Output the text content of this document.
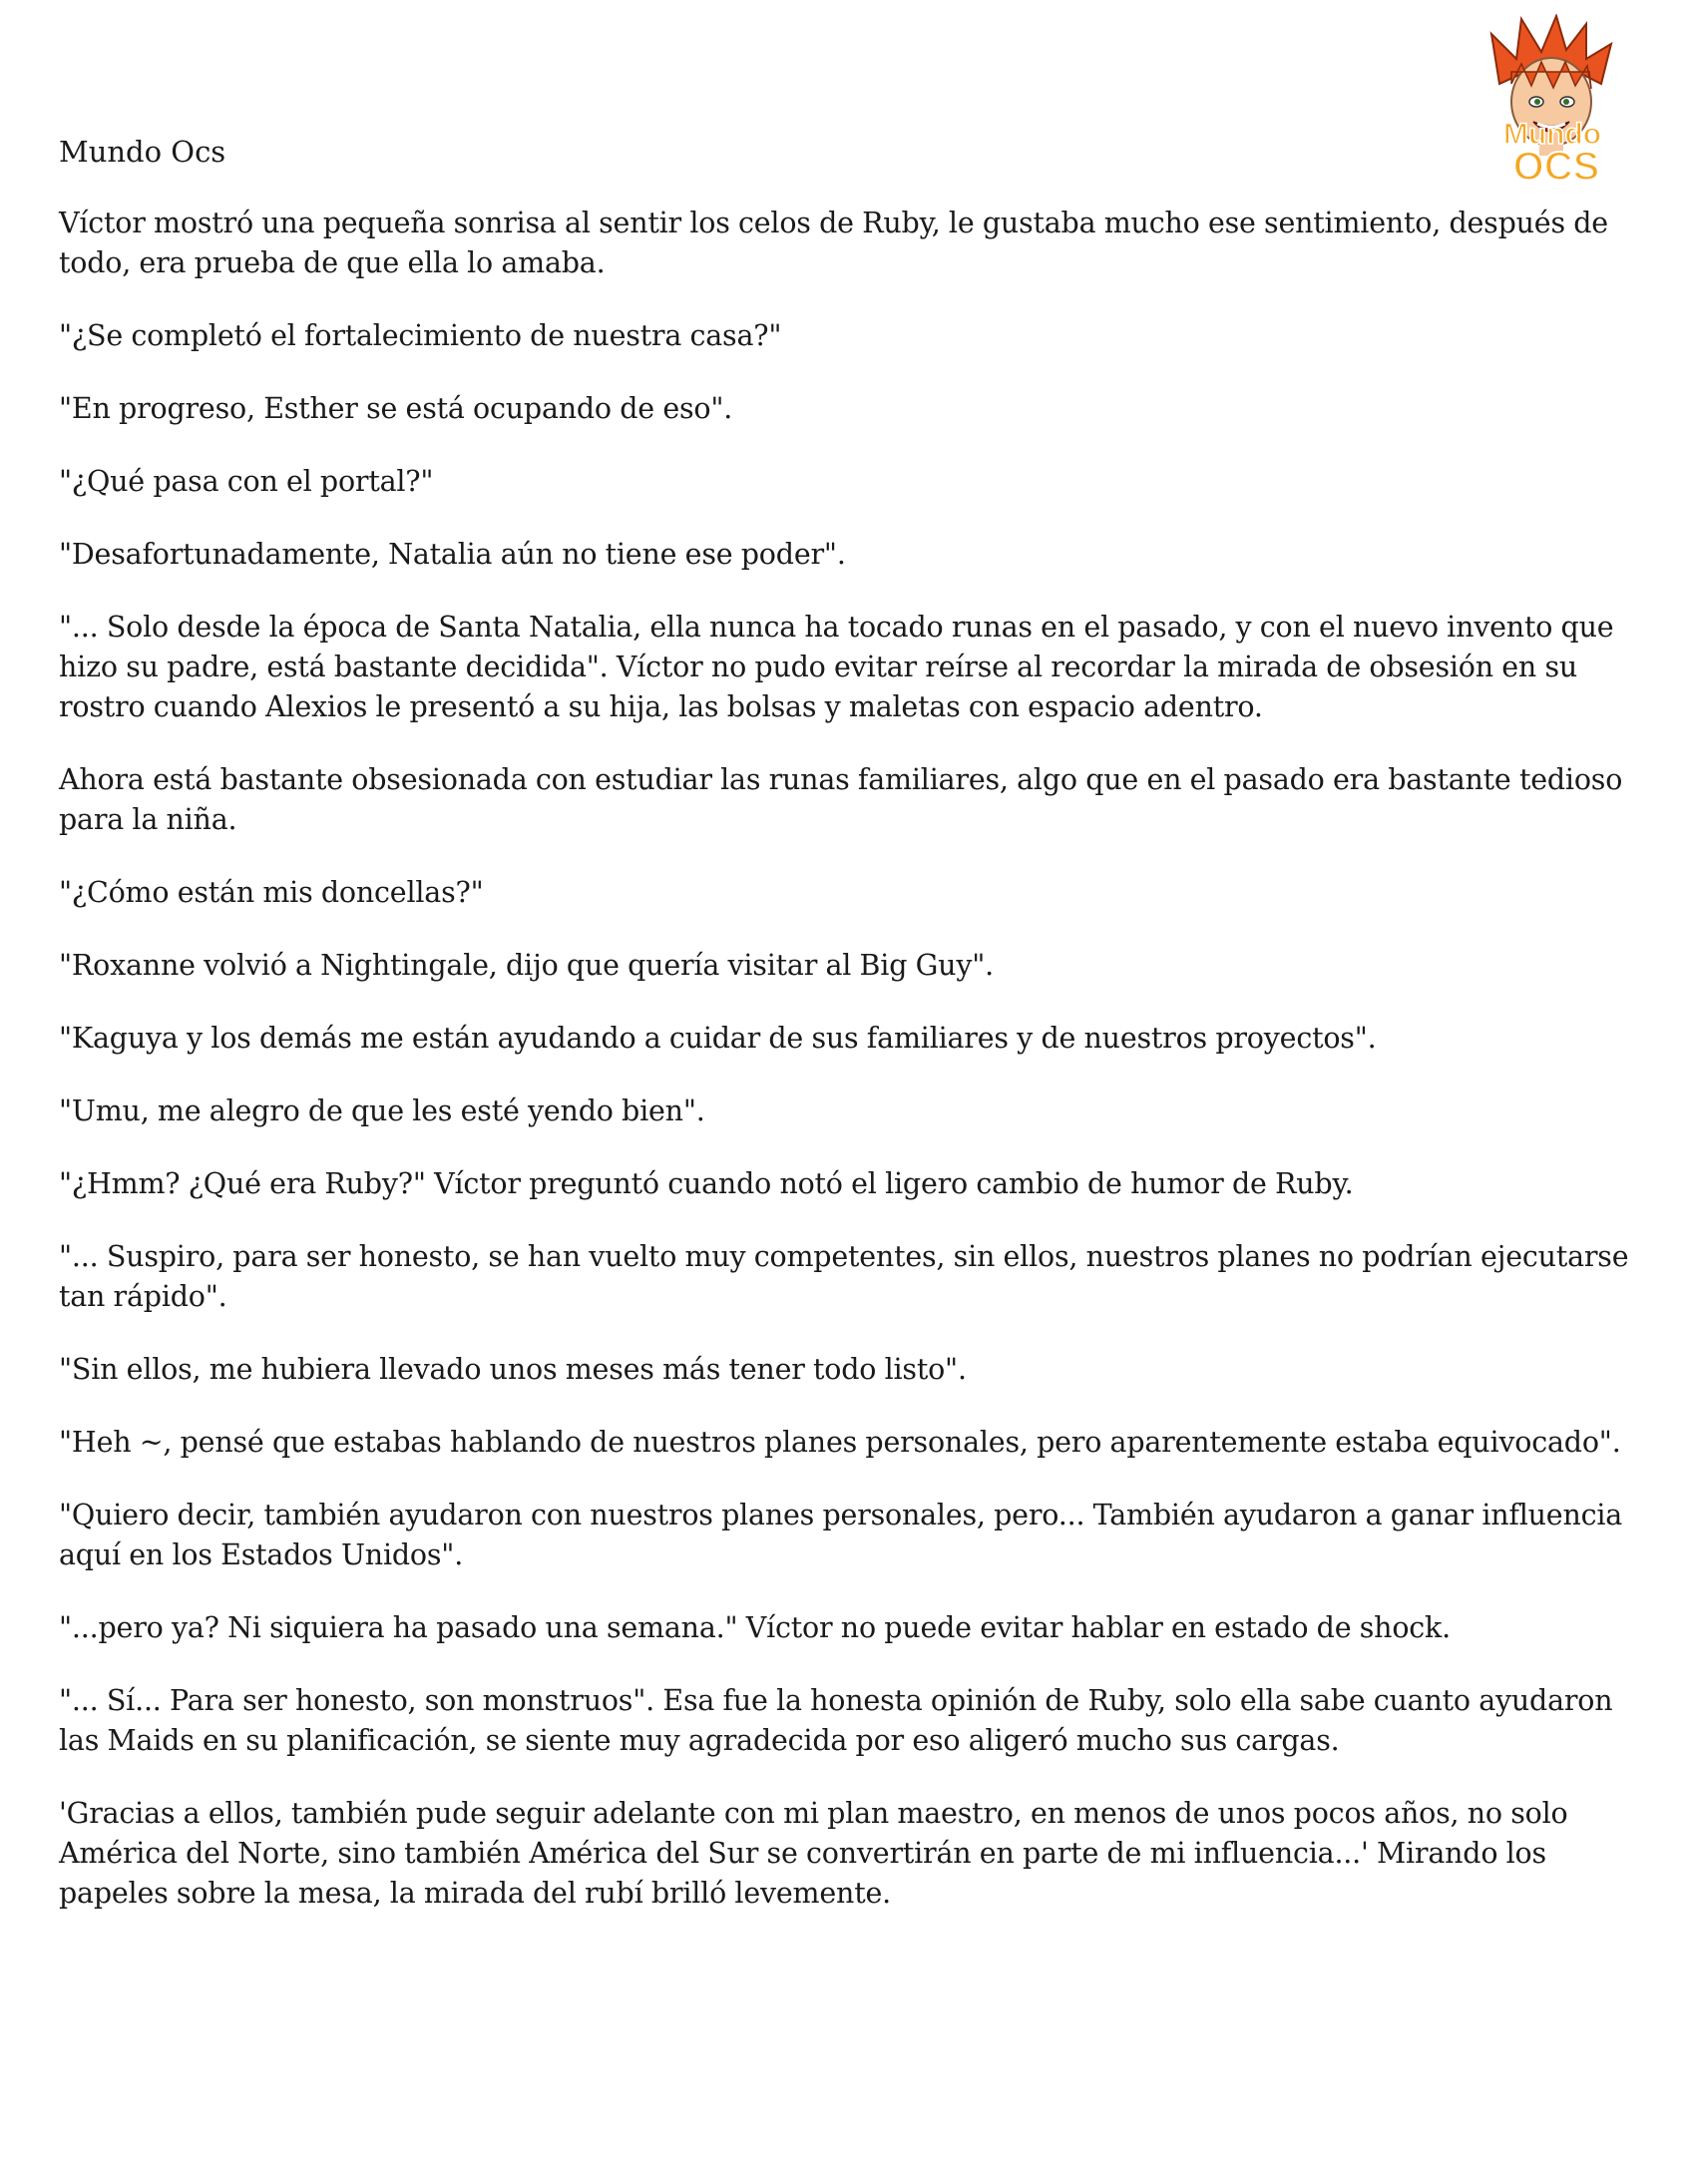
Mundo
OCS
Mundo Ocs

Víctor mostró una pequeña sonrisa al sentir los celos de Ruby, le gustaba mucho ese sentimiento, después de todo, era prueba de que ella lo amaba.

"¿Se completó el fortalecimiento de nuestra casa?"

"En progreso, Esther se está ocupando de eso".

"¿Qué pasa con el portal?"

"Desafortunadamente, Natalia aún no tiene ese poder".

"... Solo desde la época de Santa Natalia, ella nunca ha tocado runas en el pasado, y con el nuevo invento que hizo su padre, está bastante decidida". Víctor no pudo evitar reírse al recordar la mirada de obsesión en su rostro cuando Alexios le presentó a su hija, las bolsas y maletas con espacio adentro.

Ahora está bastante obsesionada con estudiar las runas familiares, algo que en el pasado era bastante tedioso para la niña.

"¿Cómo están mis doncellas?"

"Roxanne volvió a Nightingale, dijo que quería visitar al Big Guy".

"Kaguya y los demás me están ayudando a cuidar de sus familiares y de nuestros proyectos".

"Umu, me alegro de que les esté yendo bien".

"¿Hmm? ¿Qué era Ruby?" Víctor preguntó cuando notó el ligero cambio de humor de Ruby.

"... Suspiro, para ser honesto, se han vuelto muy competentes, sin ellos, nuestros planes no podrían ejecutarse tan rápido".

"Sin ellos, me hubiera llevado unos meses más tener todo listo".

"Heh ~, pensé que estabas hablando de nuestros planes personales, pero aparentemente estaba equivocado".

"Quiero decir, también ayudaron con nuestros planes personales, pero... También ayudaron a ganar influencia aquí en los Estados Unidos".

"...pero ya? Ni siquiera ha pasado una semana." Víctor no puede evitar hablar en estado de shock.

"... Sí... Para ser honesto, son monstruos". Esa fue la honesta opinión de Ruby, solo ella sabe cuanto ayudaron las Maids en su planificación, se siente muy agradecida por eso aligeró mucho sus cargas.

'Gracias a ellos, también pude seguir adelante con mi plan maestro, en menos de unos pocos años, no solo América del Norte, sino también América del Sur se convertirán en parte de mi influencia...' Mirando los papeles sobre la mesa, la mirada del rubí brilló levemente.
